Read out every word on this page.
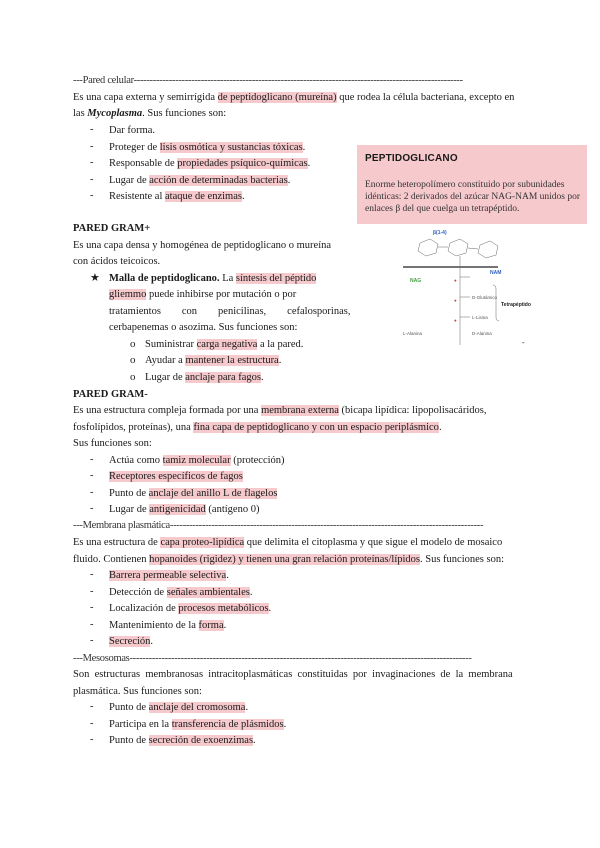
---Pared celular-------------------------------------------------------------------------------------------------------
Es una capa externa y semirrígida de peptidoglicano (mureína) que rodea la célula bacteriana, excepto en
las Mycoplasma. Sus funciones son:
- Dar forma.
- Proteger de lisis osmótica y sustancias tóxicas.
- Responsable de propiedades psíquico-químicas.
- Lugar de acción de determinadas bacterias.
- Resistente al ataque de enzimas.
PEPTIDOGLICANO
Enorme heteropolímero constituido por subunidades idénticas: 2 derivados del azúcar NAG-NAM unidos por enlaces β del que cuelga un tetrapéptido.
β(1-4)
NAG
NAM
Tetrapéptido
L-Alanina
D-Glutámico
L-Lisina
D-Alanina
●
●
●
-
PARED GRAM+
Es una capa densa y homogénea de peptidoglicano o mureína
con ácidos teicoicos.
★ Malla de peptidoglicano. La síntesis del péptido
gliemmo puede inhibirse por mutación o por
tratamientos        con        penicilinas,        cefalosporinas,
cerbapenemas o asozima. Sus funciones son:
o Suministrar carga negativa a la pared.
o Ayudar a mantener la estructura.
o Lugar de anclaje para fagos.
PARED GRAM-
Es una estructura compleja formada por una membrana externa (bicapa lipídica: lipopolisacáridos,
fosfolípidos, proteínas), una fina capa de peptidoglicano y con un espacio periplásmico.
Sus funciones son:
- Actúa como tamiz molecular (protección)
- Receptores específicos de fagos
- Punto de anclaje del anillo L de flagelos
- Lugar de antigenicidad (antígeno 0)
---Membrana plasmática--------------------------------------------------------------------------------------------------
Es una estructura de capa proteo-lipídica que delimita el citoplasma y que sigue el modelo de mosaico
fluido. Contienen hopanoides (rigidez) y tienen una gran relación proteínas/lípidos. Sus funciones son:
- Barrera permeable selectiva.
- Detección de señales ambientales.
- Localización de procesos metabólicos.
- Mantenimiento de la forma.
- Secreción.
---Mesosomas-----------------------------------------------------------------------------------------------------------
Son  estructuras  membranosas  intracitoplasmáticas  constituidas  por  invaginaciones  de  la  membrana
plasmática. Sus funciones son:
- Punto de anclaje del cromosoma.
- Participa en la transferencia de plásmidos.
- Punto de secreción de exoenzimas.
